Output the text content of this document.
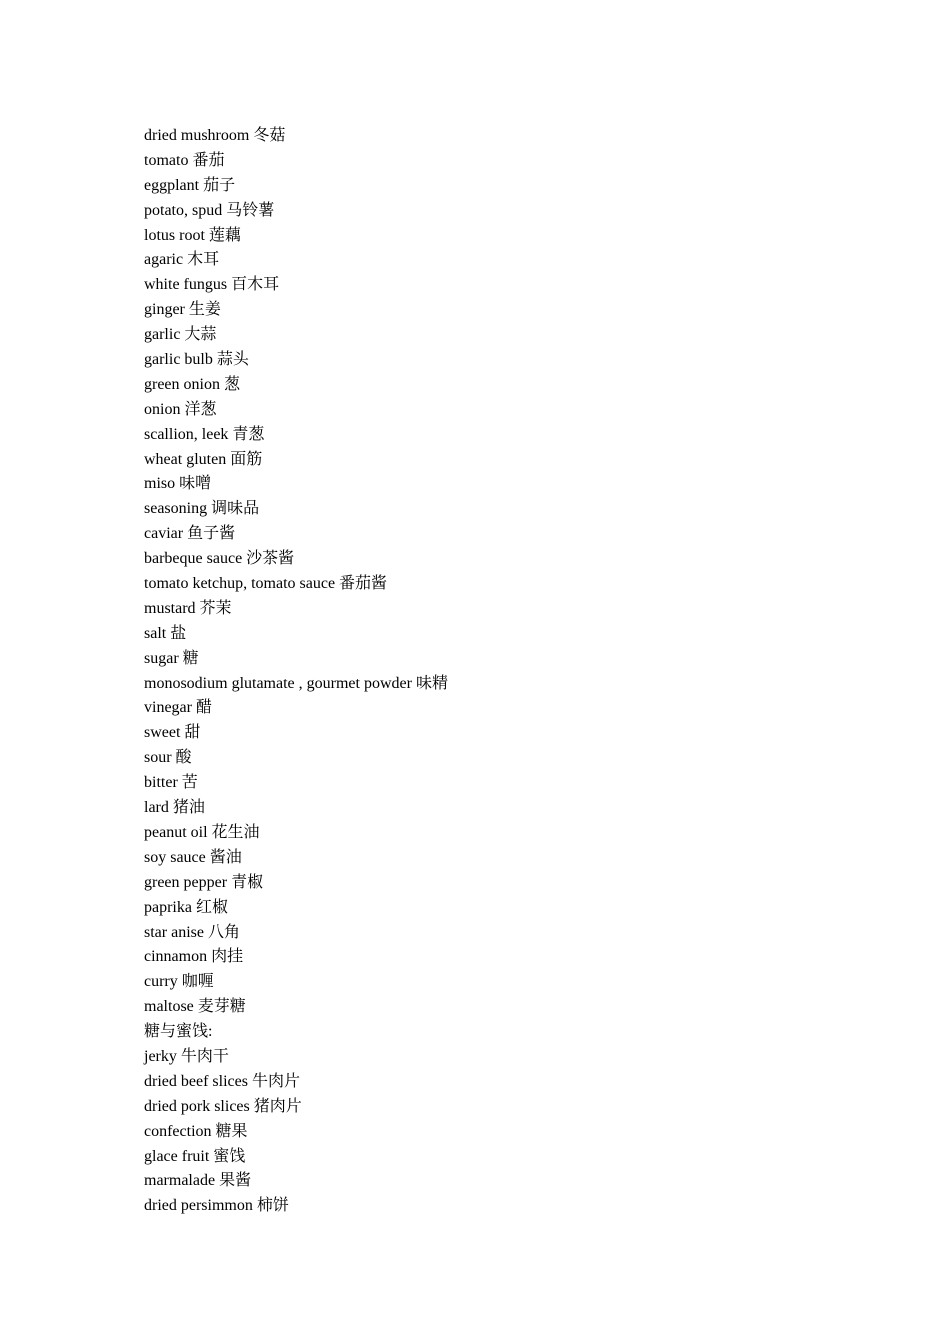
dried mushroom 冬菇
tomato 番茄
eggplant 茄子
potato, spud 马铃薯
lotus root 莲藕
agaric 木耳
white fungus 百木耳
ginger 生姜
garlic 大蒜
garlic bulb 蒜头
green onion 葱
onion 洋葱
scallion, leek 青葱
wheat gluten 面筋
miso 味噌
seasoning 调味品
caviar 鱼子酱
barbeque sauce 沙茶酱
tomato ketchup, tomato sauce 番茄酱
mustard 芥茉
salt 盐
sugar 糖
monosodium glutamate , gourmet powder 味精
vinegar 醋
sweet 甜
sour 酸
bitter 苦
lard 猪油
peanut oil 花生油
soy sauce 酱油
green pepper 青椒
paprika 红椒
star anise 八角
cinnamon 肉挂
curry 咖喱
maltose 麦芽糖
糖与蜜饯:
jerky 牛肉干
dried beef slices 牛肉片
dried pork slices 猪肉片
confection 糖果
glace fruit 蜜饯
marmalade 果酱
dried persimmon 柿饼
